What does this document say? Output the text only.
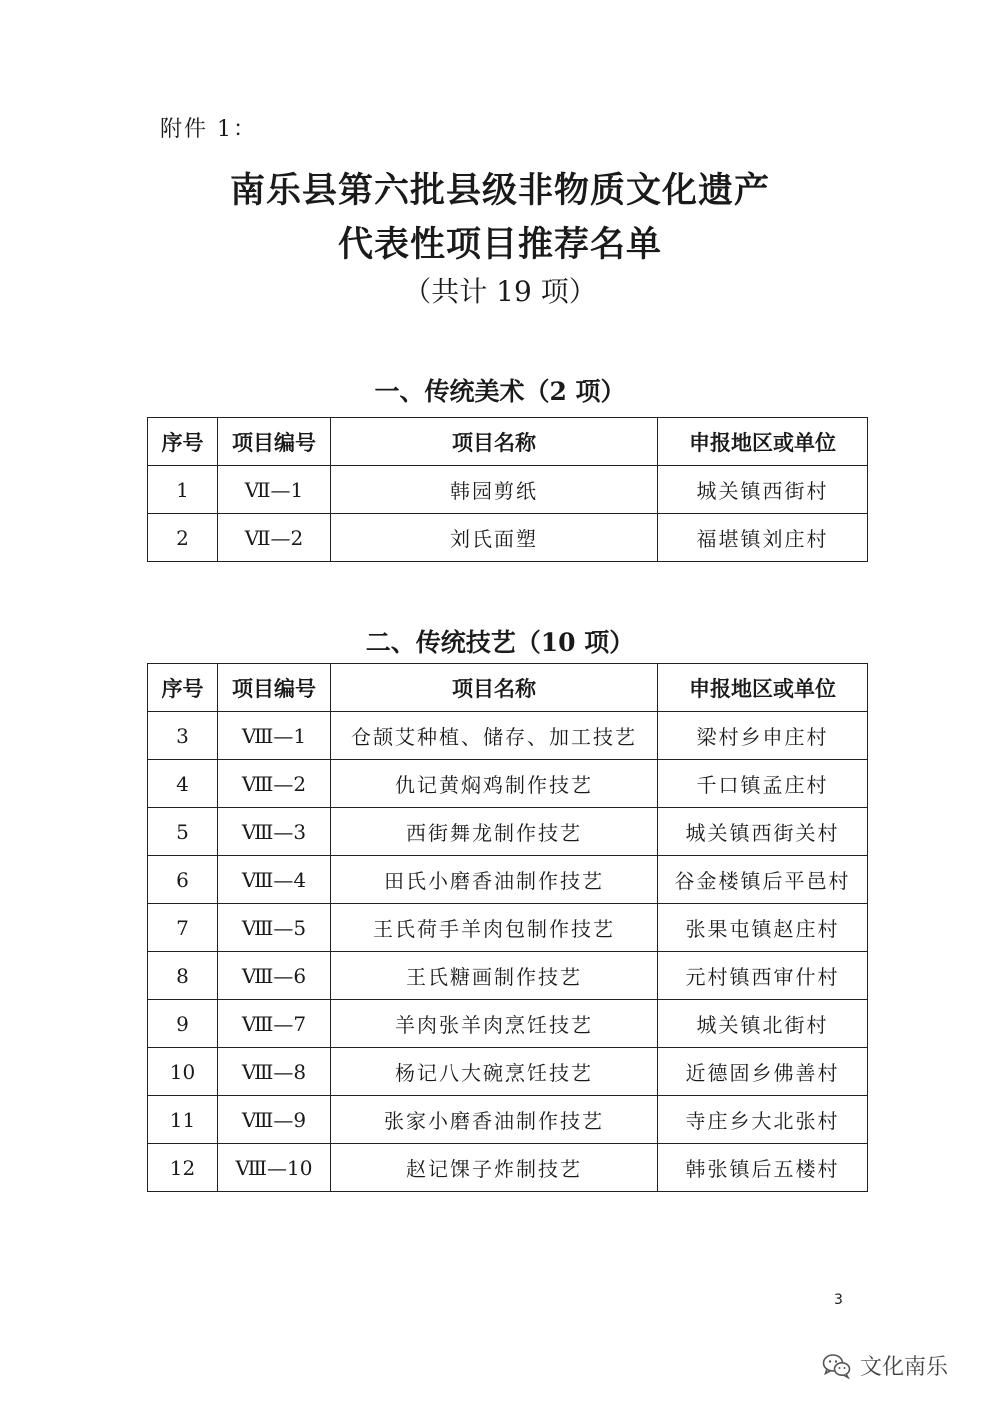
附件 1：
南乐县第六批县级非物质文化遗产
代表性项目推荐名单
（共计 19 项）
一、传统美术（2 项）
序号	项目编号	项目名称	申报地区或单位
1	Ⅶ—1	韩园剪纸	城关镇西街村
2	Ⅶ—2	刘氏面塑	福堪镇刘庄村
二、传统技艺（10 项）
序号	项目编号	项目名称	申报地区或单位
3	Ⅷ—1	仓颉艾种植、储存、加工技艺	梁村乡申庄村
4	Ⅷ—2	仇记黄焖鸡制作技艺	千口镇孟庄村
5	Ⅷ—3	西街舞龙制作技艺	城关镇西街关村
6	Ⅷ—4	田氏小磨香油制作技艺	谷金楼镇后平邑村
7	Ⅷ—5	王氏荷手羊肉包制作技艺	张果屯镇赵庄村
8	Ⅷ—6	王氏糖画制作技艺	元村镇西审什村
9	Ⅷ—7	羊肉张羊肉烹饪技艺	城关镇北街村
10	Ⅷ—8	杨记八大碗烹饪技艺	近德固乡佛善村
11	Ⅷ—9	张家小磨香油制作技艺	寺庄乡大北张村
12	Ⅷ—10	赵记馃子炸制技艺	韩张镇后五楼村
3
文化南乐
